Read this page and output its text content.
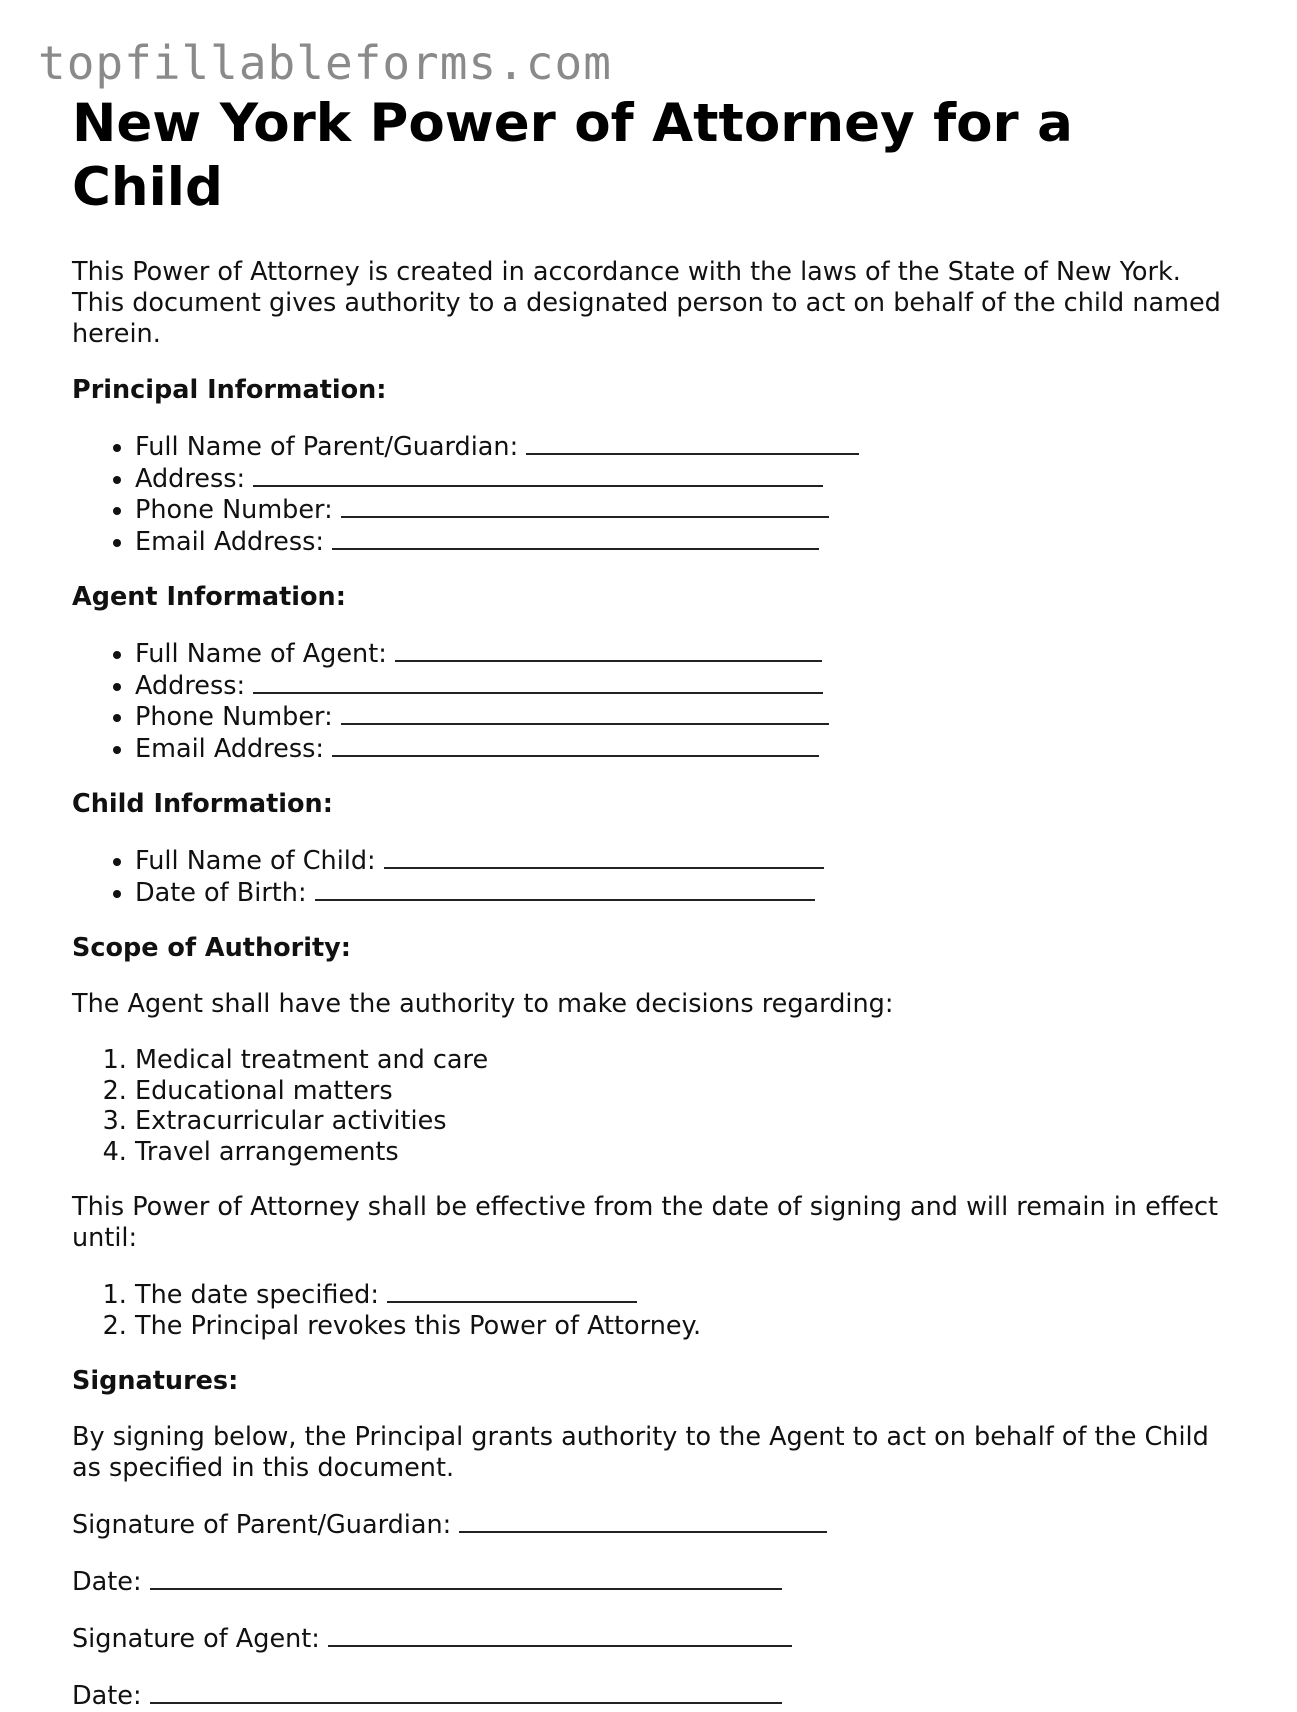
topfillableforms.com
New York Power of Attorney for a Child

This Power of Attorney is created in accordance with the laws of the State of New York. This document gives authority to a designated person to act on behalf of the child named herein.

Principal Information:
• Full Name of Parent/Guardian:
• Address:
• Phone Number:
• Email Address:
Agent Information:
• Full Name of Agent:
• Address:
• Phone Number:
• Email Address:
Child Information:
• Full Name of Child:
• Date of Birth:
Scope of Authority:

The Agent shall have the authority to make decisions regarding:

1. Medical treatment and care
2. Educational matters
3. Extracurricular activities
4. Travel arrangements

This Power of Attorney shall be effective from the date of signing and will remain in effect until:

1. The date specified:
2. The Principal revokes this Power of Attorney.
Signatures:

By signing below, the Principal grants authority to the Agent to act on behalf of the Child as specified in this document.

Signature of Parent/Guardian:

Date:

Signature of Agent:

Date:
